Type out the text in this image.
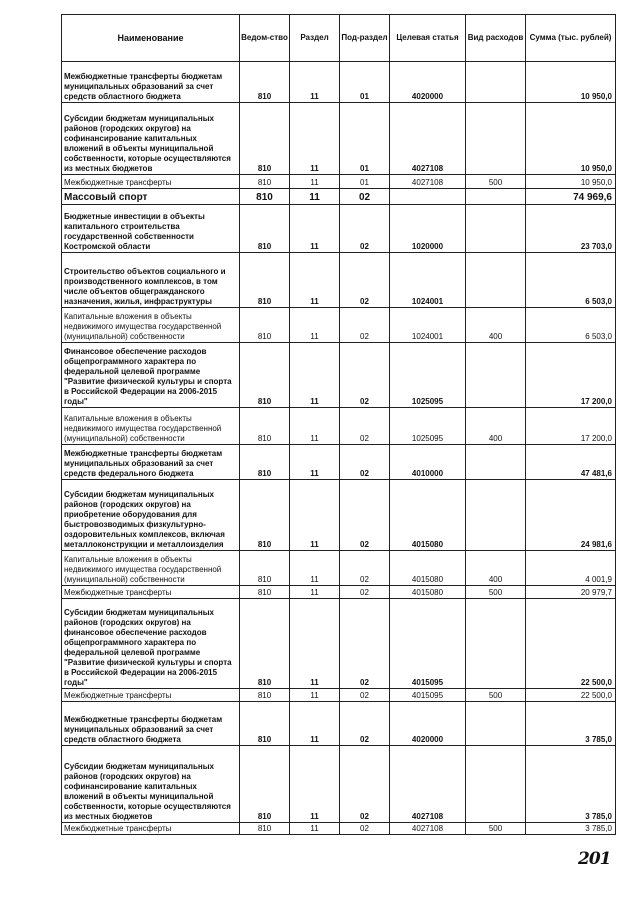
Наименование	Ведом-ство	Раздел	Под-раздел	Целевая статья	Вид расходов	Сумма (тыс. рублей)
Межбюджетные трансферты бюджетам муниципальных образований за счет средств областного бюджета	810	11	01	4020000		10 950,0
Субсидии бюджетам муниципальных районов (городских округов) на софинансирование капитальных вложений в объекты муниципальной собственности, которые осуществляются из местных бюджетов	810	11	01	4027108		10 950,0
Межбюджетные трансферты	810	11	01	4027108	500	10 950,0
Массовый спорт	810	11	02			74 969,6
Бюджетные инвестиции в объекты капитального строительства государственной собственности Костромской области	810	11	02	1020000		23 703,0
Строительство объектов социального и производственного комплексов, в том числе объектов общегражданского назначения, жилья, инфраструктуры	810	11	02	1024001		6 503,0
Капитальные вложения в объекты недвижимого имущества государственной (муниципальной) собственности	810	11	02	1024001	400	6 503,0
Финансовое обеспечение расходов общепрограммного характера по федеральной целевой программе "Развитие физической культуры и спорта в Российской Федерации на 2006-2015 годы"	810	11	02	1025095		17 200,0
Капитальные вложения в объекты недвижимого имущества государственной (муниципальной) собственности	810	11	02	1025095	400	17 200,0
Межбюджетные трансферты бюджетам муниципальных образований за счет средств федерального бюджета	810	11	02	4010000		47 481,6
Субсидии бюджетам муниципальных районов (городских округов) на приобретение оборудования для быстровозводимых физкультурно-оздоровительных комплексов, включая металлоконструкции и металлоизделия	810	11	02	4015080		24 981,6
Капитальные вложения в объекты недвижимого имущества государственной (муниципальной) собственности	810	11	02	4015080	400	4 001,9
Межбюджетные трансферты	810	11	02	4015080	500	20 979,7
Субсидии бюджетам муниципальных районов (городских округов) на финансовое обеспечение расходов общепрограммного характера по федеральной целевой программе "Развитие физической культуры и спорта в Российской Федерации на 2006-2015 годы"	810	11	02	4015095		22 500,0
Межбюджетные трансферты	810	11	02	4015095	500	22 500,0
Межбюджетные трансферты бюджетам муниципальных образований за счет средств областного бюджета	810	11	02	4020000		3 785,0
Субсидии бюджетам муниципальных районов (городских округов) на софинансирование капитальных вложений в объекты муниципальной собственности, которые осуществляются из местных бюджетов	810	11	02	4027108		3 785,0
Межбюджетные трансферты	810	11	02	4027108	500	3 785,0
201
